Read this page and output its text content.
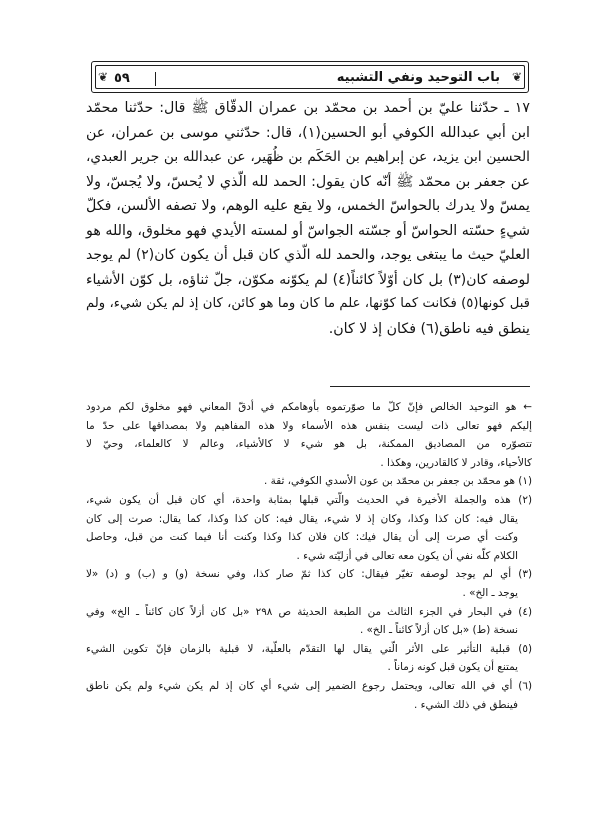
❦ ٥٩	باب التوحيد ونفي التشبيه ❦
١٧ ـ حدّثنا عليّ بن أحمد بن محمّد بن عمران الدقّاق ﷺ قال: حدّثنا محمّد
ابن أبي عبدالله الكوفي أبو الحسين(١)، قال: حدّثني موسى بن عمران، عن
الحسين ابن يزيد، عن إبراهيم بن الحَكَم بن ظُهَير، عن عبدالله بن جرير العبدي،
عن جعفر بن محمّد ﷺ أنّه كان يقول: الحمد لله الّذي لا يُحسّ، ولا يُجسّ، ولا
يمسّ ولا يدرك بالحواسّ الخمس، ولا يقع عليه الوهم، ولا تصفه الألسن، فكلّ
شيءٍ حسّته الحواسّ أو جسّته الجواسّ أو لمسته الأيدي فهو مخلوق، والله هو
العليّ حيث ما يبتغى يوجد، والحمد لله الّذي كان قبل أن يكون كان(٢) لم يوجد
لوصفه كان(٣) بل كان أوّلاً كائناً(٤) لم يكوّنه مكوّن، جلّ ثناؤه، بل كوّن الأشياء
قبل كونها(٥) فكانت كما كوّنها، علم ما كان وما هو كائن، كان إذ لم يكن شيء، ولم
ينطق فيه ناطق(٦) فكان إذ لا كان.
← هو التوحيد الخالص فإنّ كلّ ما صوّرتموه بأوهامكم في أدقّ المعاني فهو مخلوق لكم مردود
إليكم فهو تعالى ذات ليست بنفس هذه الأسماء ولا هذه المفاهيم ولا بمصداقها على حدّ ما
تتصوّره من المصاديق الممكنة، بل هو شيء لا كالأشياء، وعالم لا كالعلماء، وحيّ لا
كالأحياء، وقادر لا كالقادرين، وهكذا .
(١) هو محمّد بن جعفر بن محمّد بن عون الأسدي الكوفي، ثقة .
(٢) هذه والجملة الأخيرة في الحديث والّتي قبلها بمثابة واحدة، أي كان قبل أن يكون شيء،
يقال فيه: كان كذا وكذا، وكان إذ لا شيء، يقال فيه: كان كذا وكذا، كما يقال: صرت إلى كان
وكنت أي صرت إلى أن يقال فيك: كان فلان كذا وكذا وكنت أنا فيما كنت من قبل، وحاصل
الكلام كلّه نفي أن يكون معه تعالى في أزليّته شيء .
(٣) أي لم يوجد لوصفه تغيّر فيقال: كان كذا ثمّ صار كذا، وفي نسخة (و) و (ب) و (د) «لا
يوجد ـ الخ» .
(٤) في البحار في الجزء الثالث من الطبعة الحديثة ص ٢٩٨ «بل كان أزلاً كان كائناً ـ الخ» وفي
نسخة (ط) «بل كان أزلاً كائناً ـ الخ» .
(٥) قبلية التأثير على الأثر الّتي يقال لها التقدّم بالعلّية، لا قبلية بالزمان فإنّ تكوين الشيء
يمتنع أن يكون قبل كونه زماناً .
(٦) أي في الله تعالى، ويحتمل رجوع الضمير إلى شيء أي كان إذ لم يكن شيء ولم يكن ناطق
فينطق في ذلك الشيء .
